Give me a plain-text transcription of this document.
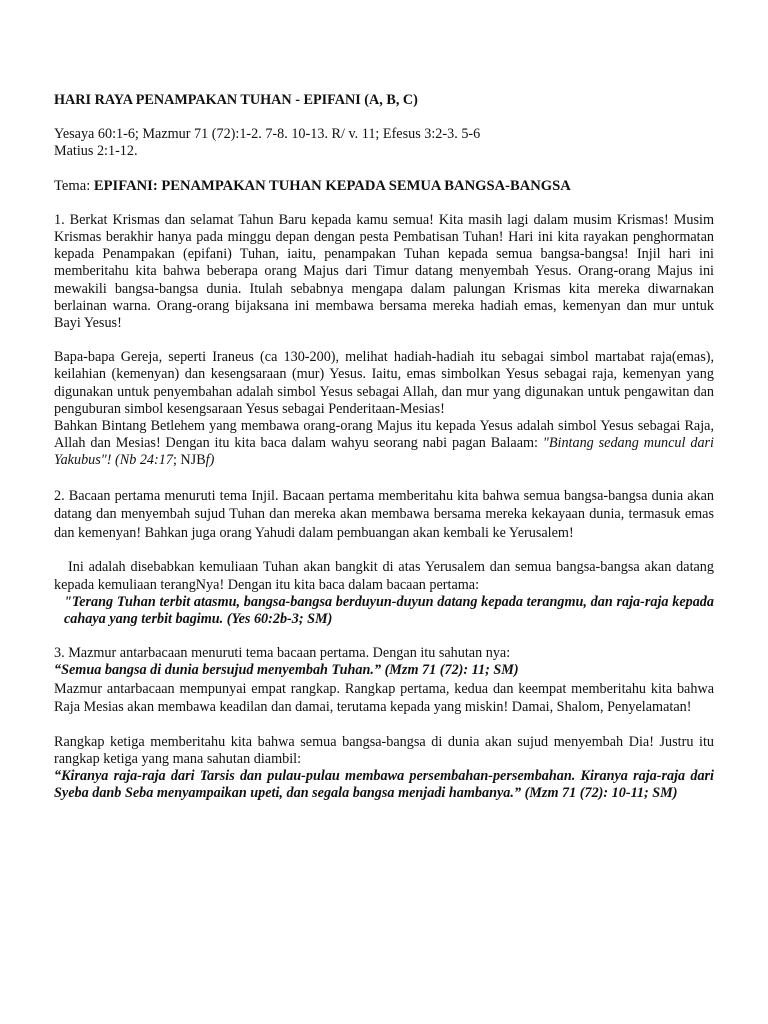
HARI RAYA PENAMPAKAN TUHAN - EPIFANI (A, B, C)
Yesaya 60:1-6; Mazmur 71 (72):1-2. 7-8. 10-13. R/ v. 11; Efesus 3:2-3. 5-6
Matius 2:1-12.
Tema: EPIFANI: PENAMPAKAN TUHAN KEPADA SEMUA BANGSA-BANGSA

1. Berkat Krismas dan selamat Tahun Baru kepada kamu semua! Kita masih lagi dalam musim Krismas! Musim Krismas berakhir hanya pada minggu depan dengan pesta Pembatisan Tuhan! Hari ini kita rayakan penghormatan kepada Penampakan (epifani) Tuhan, iaitu, penampakan Tuhan kepada semua bangsa-bangsa! Injil hari ini memberitahu kita bahwa beberapa orang Majus dari Timur datang menyembah Yesus. Orang-orang Majus ini mewakili bangsa-bangsa dunia. Itulah sebabnya mengapa dalam palungan Krismas kita mereka diwarnakan berlainan warna. Orang-orang bijaksana ini membawa bersama mereka hadiah emas, kemenyan dan mur untuk Bayi Yesus!

Bapa-bapa Gereja, seperti Iraneus (ca 130-200), melihat hadiah-hadiah itu sebagai simbol martabat raja(emas), keilahian (kemenyan) dan kesengsaraan (mur) Yesus. Iaitu, emas simbolkan Yesus sebagai raja, kemenyan yang digunakan untuk penyembahan adalah simbol Yesus sebagai Allah, dan mur yang digunakan untuk pengawitan dan penguburan simbol kesengsaraan Yesus sebagai Penderitaan-Mesias!

Bahkan Bintang Betlehem yang membawa orang-orang Majus itu kepada Yesus adalah simbol Yesus sebagai Raja, Allah dan Mesias! Dengan itu kita baca dalam wahyu seorang nabi pagan Balaam: "Bintang sedang muncul dari Yakubus"! (Nb 24:17; NJBf)

2. Bacaan pertama menuruti tema Injil. Bacaan pertama memberitahu kita bahwa semua bangsa-bangsa dunia akan datang dan menyembah sujud Tuhan dan mereka akan membawa bersama mereka kekayaan dunia, termasuk emas dan kemenyan! Bahkan juga orang Yahudi dalam pembuangan akan kembali ke Yerusalem!

Ini adalah disebabkan kemuliaan Tuhan akan bangkit di atas Yerusalem dan semua bangsa-bangsa akan datang kepada kemuliaan terangNya! Dengan itu kita baca dalam bacaan pertama:

"Terang Tuhan terbit atasmu, bangsa-bangsa berduyun-duyun datang kepada terangmu, dan raja-raja kepada cahaya yang terbit bagimu. (Yes 60:2b-3; SM)

3. Mazmur antarbacaan menuruti tema bacaan pertama. Dengan itu sahutan nya:

“Semua bangsa di dunia bersujud menyembah Tuhan.” (Mzm 71 (72): 11; SM)

Mazmur antarbacaan mempunyai empat rangkap. Rangkap pertama, kedua dan keempat memberitahu kita bahwa Raja Mesias akan membawa keadilan dan damai, terutama kepada yang miskin! Damai, Shalom, Penyelamatan!

Rangkap ketiga memberitahu kita bahwa semua bangsa-bangsa di dunia akan sujud menyembah Dia! Justru itu rangkap ketiga yang mana sahutan diambil:

“Kiranya raja-raja dari Tarsis dan pulau-pulau membawa persembahan-persembahan. Kiranya raja-raja dari Syeba danb Seba menyampaikan upeti, dan segala bangsa menjadi hambanya.” (Mzm 71 (72): 10-11; SM)
